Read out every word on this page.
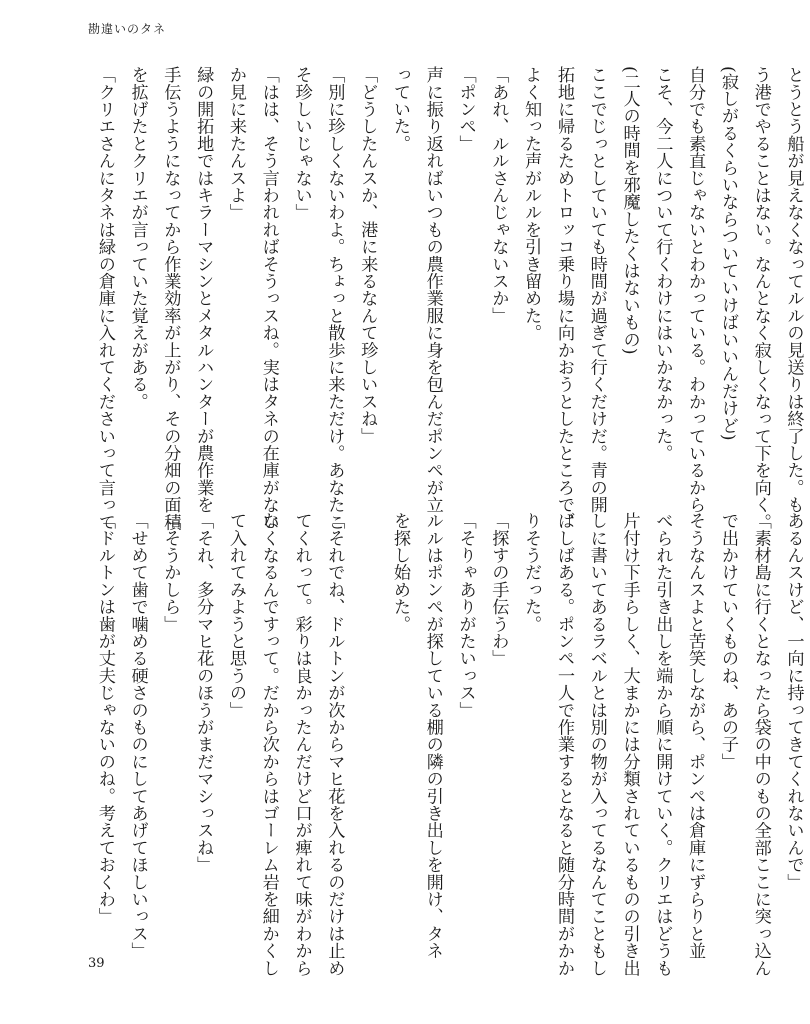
勘違いのタネ
とうとう船が見えなくなってルルの見送りは終了した。も
う港でやることはない。なんとなく寂しくなって下を向く。
(寂しがるくらいならついていけばいいんだけど)
自分でも素直じゃないとわかっている。わかっているから
こそ、今二人について行くわけにはいかなかった。
(二人の時間を邪魔したくはないもの)
ここでじっとしていても時間が過ぎて行くだけだ。青の開
拓地に帰るためトロッコ乗り場に向かおうとしたところで、
よく知った声がルルを引き留めた。
「あれ、ルルさんじゃないスか」
「ポンペ」
声に振り返ればいつもの農作業服に身を包んだポンペが立
っていた。
「どうしたんスか、港に来るなんて珍しいスね」
「別に珍しくないわよ。ちょっと散歩に来ただけ。あなたこ
そ珍しいじゃない」
「はは、そう言われればそうっスね。実はタネの在庫がない
か見に来たんスよ」
緑の開拓地ではキラーマシンとメタルハンターが農作業を
手伝うようになってから作業効率が上がり、その分畑の面積
を拡げたとクリエが言っていた覚えがある。
「クリエさんにタネは緑の倉庫に入れてくださいって言って
あるんスけど、一向に持ってきてくれないんで」
「素材島に行くとなったら袋の中のもの全部ここに突っ込ん
で出かけていくものね、あの子」
そうなんスよと苦笑しながら、ポンペは倉庫にずらりと並
べられた引き出しを端から順に開けていく。クリエはどうも
片付け下手らしく、大まかには分類されているものの引き出
しに書いてあるラベルとは別の物が入ってるなんてこともし
ばしばある。ポンペ一人で作業するとなると随分時間がかか
りそうだった。
「探すの手伝うわ」
「そりゃありがたいっス」
ルルはポンペが探している棚の隣の引き出しを開け、タネ
を探し始めた。

「それでね、ドルトンが次からマヒ花を入れるのだけは止め
てくれって。彩りは良かったんだけど口が痺れて味がわから
なくなるんですって。だから次からはゴーレム岩を細かくし
て入れてみようと思うの」
「それ、多分マヒ花のほうがまだマシっスね」
「そうかしら」
「せめて歯で噛める硬さのものにしてあげてほしいっス」
「ドルトンは歯が丈夫じゃないのね。考えておくわ」
39
